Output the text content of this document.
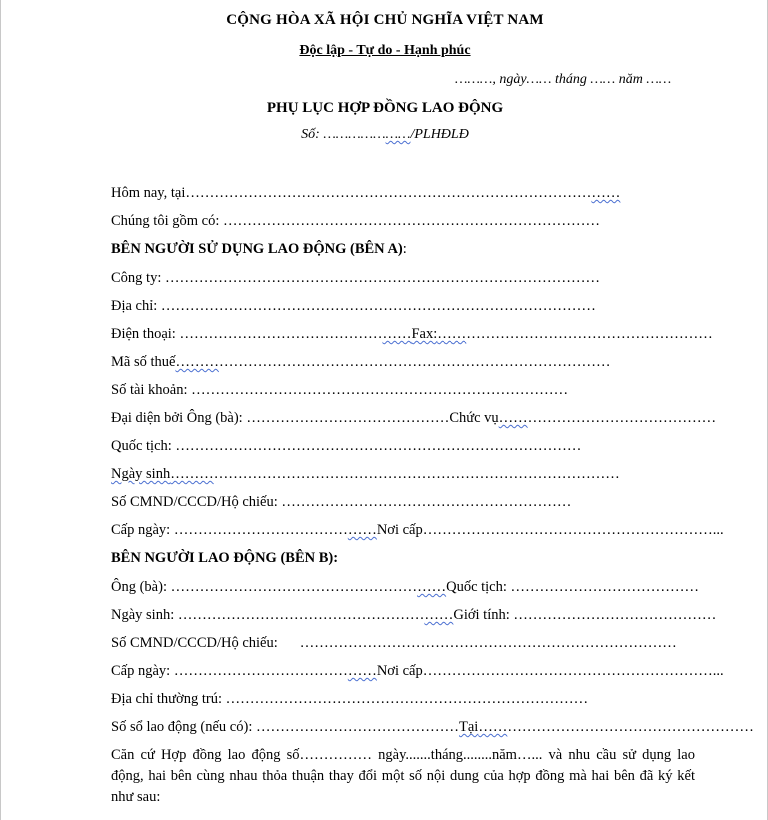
CỘNG HÒA XÃ HỘI CHỦ NGHĨA VIỆT NAM
Độc lập - Tự do - Hạnh phúc
………, ngày…… tháng …… năm ……
PHỤ LỤC HỢP ĐỒNG LAO ĐỘNG
Số: …………………/PLHĐLĐ
Hôm nay, tại………………………………………………………………………………
Chúng tôi gồm có: ……………………………………………………………………
BÊN NGƯỜI SỬ DỤNG LAO ĐỘNG (BÊN A):
Công ty: ………………………………………………………………………………
Địa chỉ: ………………………………………………………………………………
Điện thoại: …………………………………………Fax:…………………………………………………
Mã số thuế………………………………………………………………………………
Số tài khoản: ……………………………………………………………………
Đại diện bởi Ông (bà): ……………………………………Chức vụ………………………………………
Quốc tịch: …………………………………………………………………………
Ngày sinh…………………………………………………………………………………
Số CMND/CCCD/Hộ chiếu: ……………………………………………………
Cấp ngày: ……………………………………Nơi cấp……………………………………………………...
BÊN NGƯỜI LAO ĐỘNG (BÊN B):
Ông (bà): …………………………………………………Quốc tịch: …………………………………
Ngày sinh: …………………………………………………Giới tính: ……………………………………
Số CMND/CCCD/Hộ chiếu: ……………………………………………………………………
Cấp ngày: ……………………………………Nơi cấp……………………………………………………...
Địa chỉ thường trú: …………………………………………………………………
Số sổ lao động (nếu có): ……………………………………Tại…………………………………………………
Căn cứ Hợp đồng lao động số…………… ngày.......tháng........năm…... và nhu cầu sử dụng lao động, hai bên cùng nhau thỏa thuận thay đổi một số nội dung của hợp đồng mà hai bên đã ký kết như sau:
